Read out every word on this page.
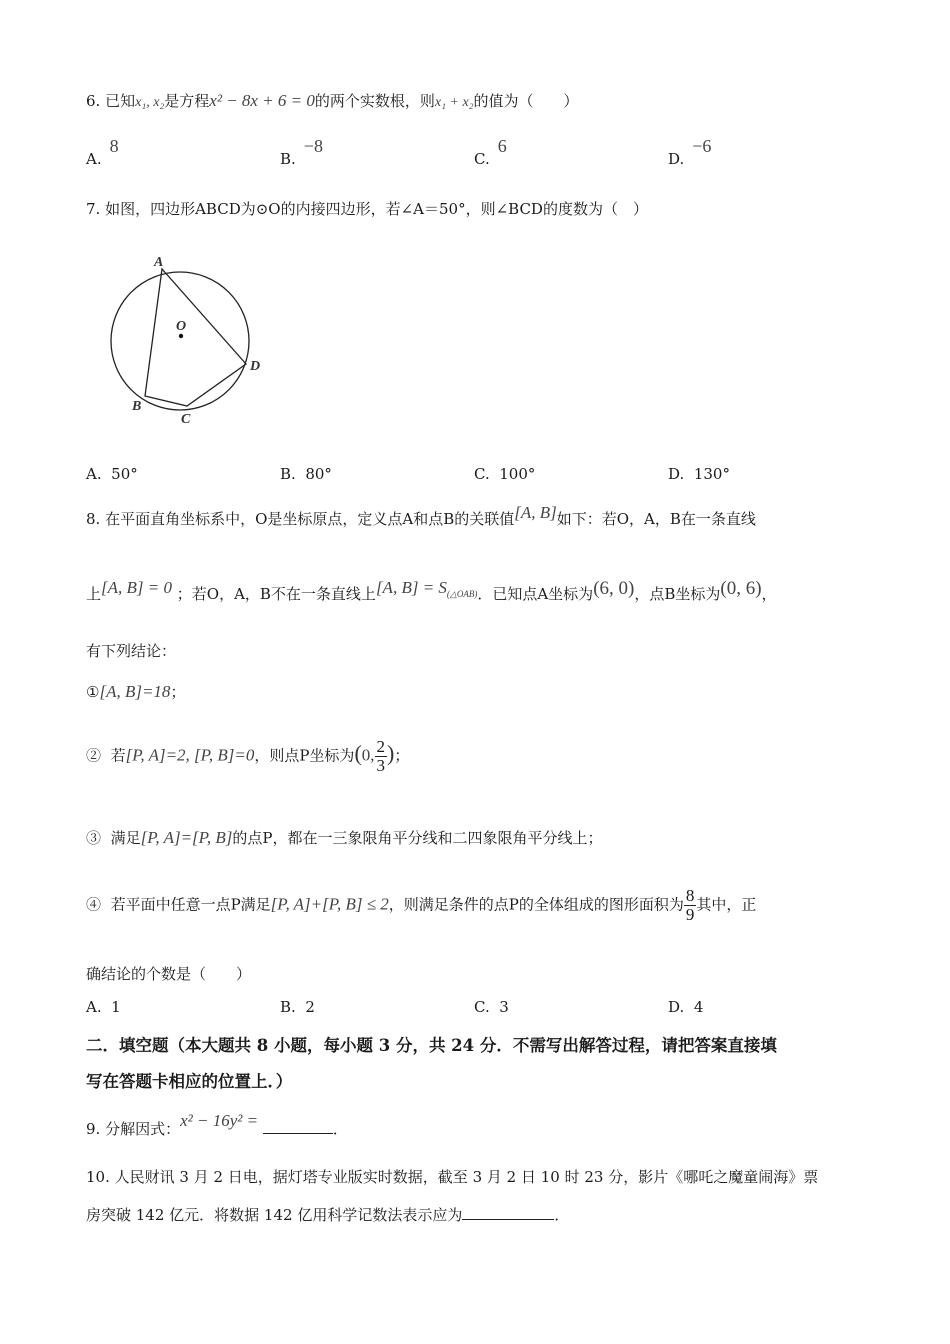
6. 已知x₁, x₂是方程x² − 8x + 6 = 0的两个实数根，则x₁ + x₂的值为（　　）
A.8
B.−8
C.6
D.−6
7. 如图，四边形ABCD为⊙O的内接四边形，若∠A＝50°，则∠BCD的度数为（　）
A
B
C
D
O
A. 50°	B. 80°	C. 100°	D. 130°
8. 在平面直角坐标系中，O是坐标原点，定义点A和点B的关联值[A, B]如下：若O，A，B在一条直线
上[A, B] = 0 ；若O，A，B不在一条直线上[A, $B] = S_{(\triangle OAB)}$．已知点A坐标为(6, 0)，点B坐标为(0, 6)，
有下列结论：
①[A, B]=18；
② 若[P, A]=2, [P, B]=0，则点P坐标为(0, $\frac{2}{3}$ )；
③ 满足[P, A]=[P, B]的点P，都在一三象限角平分线和二四象限角平分线上；
④ 若平面中任意一点P满足[P, A]+[P, B] ≤ 2，则满足条件的点P的全体组成的图形面积为 $\frac{8}{9}$ 其中，正
确结论的个数是（　　）
A. 1	B. 2	C. 3	D. 4
二．填空题（本大题共 8 小题，每小题 3 分，共 24 分．不需写出解答过程，请把答案直接填
写在答题卡相应的位置上．）
9. 分解因式：x² − 16y² =	．
10. 人民财讯 3 月 2 日电，据灯塔专业版实时数据，截至 3 月 2 日 10 时 23 分，影片《哪吒之魔童闹海》票
房突破 142 亿元．将数据 142 亿用科学记数法表示应为	．
